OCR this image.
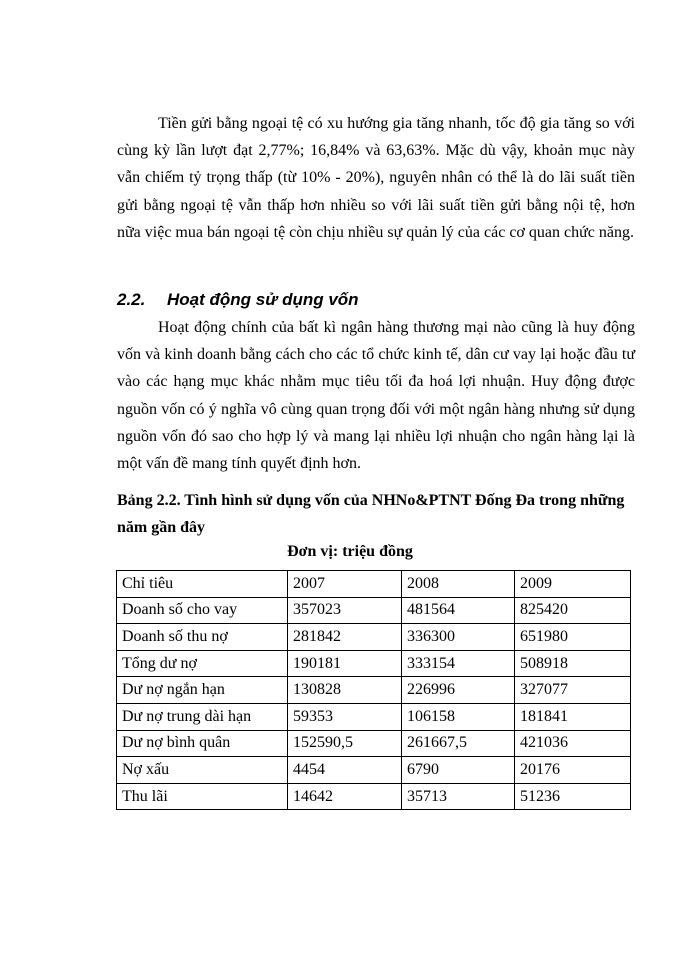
Tiền gửi bằng ngoại tệ có xu hướng gia tăng nhanh, tốc độ gia tăng so với cùng kỳ lần lượt đạt 2,77%; 16,84% và 63,63%. Mặc dù vậy, khoản mục này vẫn chiếm tỷ trọng thấp (từ 10% - 20%), nguyên nhân có thể là do lãi suất tiền gửi bằng ngoại tệ vẫn thấp hơn nhiều so với lãi suất tiền gửi bằng nội tệ, hơn nữa việc mua bán ngoại tệ còn chịu nhiều sự quản lý của các cơ quan chức năng.

2.2. Hoạt động sử dụng vốn

Hoạt động chính của bất kì ngân hàng thương mại nào cũng là huy động vốn và kinh doanh bằng cách cho các tổ chức kinh tế, dân cư vay lại hoặc đầu tư vào các hạng mục khác nhằm mục tiêu tối đa hoá lợi nhuận. Huy động được nguồn vốn có ý nghĩa vô cùng quan trọng đối với một ngân hàng nhưng sử dụng nguồn vốn đó sao cho hợp lý và mang lại nhiều lợi nhuận cho ngân hàng lại là một vấn đề mang tính quyết định hơn.

Bảng 2.2. Tình hình sử dụng vốn của NHNo&PTNT Đống Đa trong những năm gần đây

Đơn vị: triệu đồng

Chỉ tiêu	2007	2008	2009
Doanh số cho vay	357023	481564	825420
Doanh số thu nợ	281842	336300	651980
Tổng dư nợ	190181	333154	508918
Dư nợ ngắn hạn	130828	226996	327077
Dư nợ trung dài hạn	59353	106158	181841
Dư nợ bình quân	152590,5	261667,5	421036
Nợ xấu	4454	6790	20176
Thu lãi	14642	35713	51236
